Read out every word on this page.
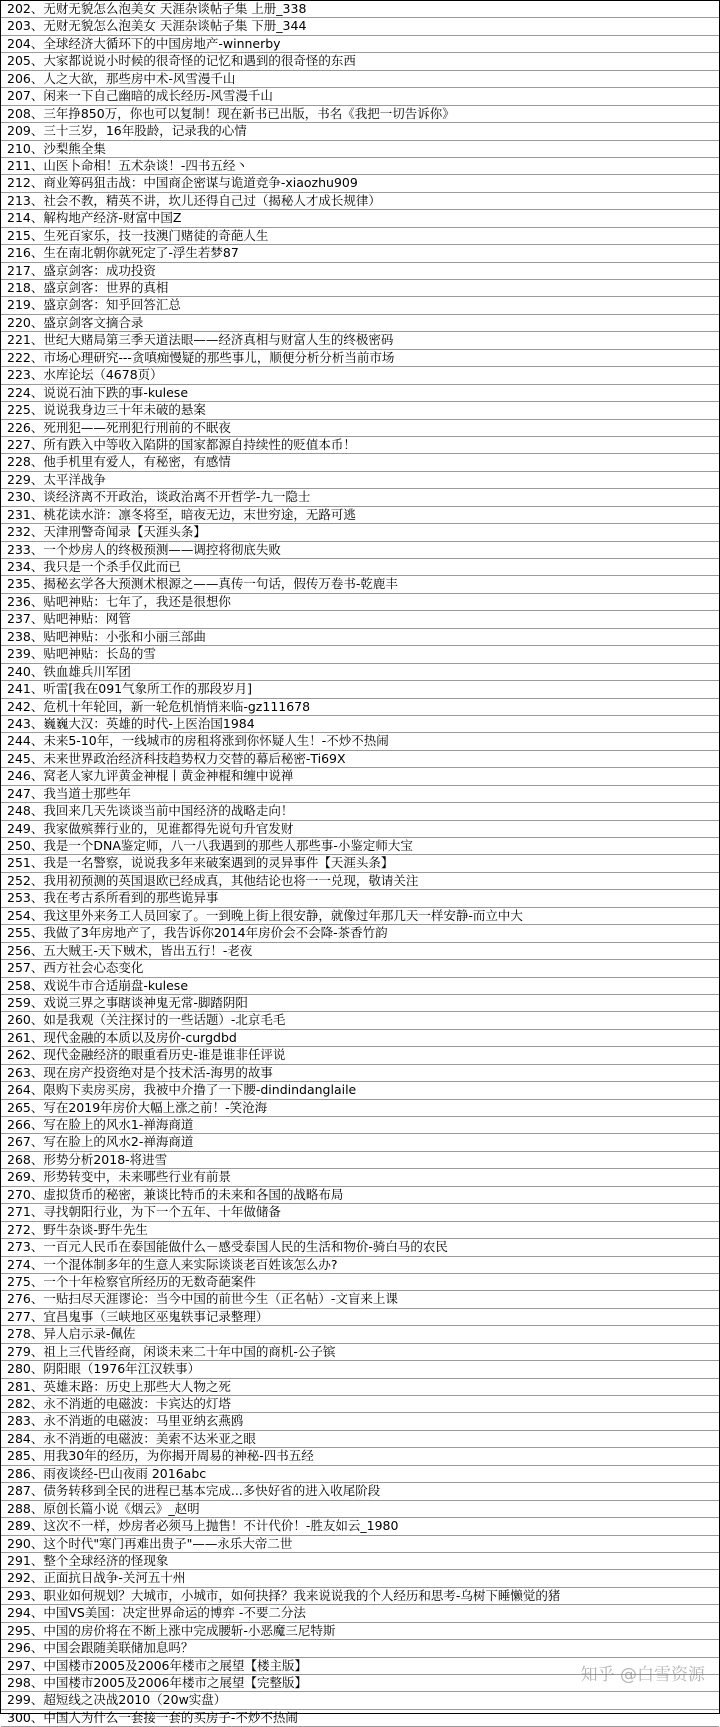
202、无财无貌怎么泡美女 天涯杂谈帖子集 上册_338
203、无财无貌怎么泡美女 天涯杂谈帖子集 下册_344
204、全球经济大循环下的中国房地产-winnerby
205、大家都说说小时候的很奇怪的记忆和遇到的很奇怪的东西
206、人之大欲，那些房中术-风雪漫千山
207、闲来一下自己幽暗的成长经历-风雪漫千山
208、三年挣850万，你也可以复制！现在新书已出版，书名《我把一切告诉你》
209、三十三岁，16年股龄，记录我的心情
210、沙梨熊全集
211、山医卜命相！五术杂谈！-四书五经丶
212、商业筹码狙击战：中国商企密谋与诡道竞争-xiaozhu909
213、社会不教，精英不讲，坎儿还得自己过（揭秘人才成长规律）
214、解构地产经济-财富中国Z
215、生死百家乐，技一技澳门赌徒的奇葩人生
216、生在南北朝你就死定了-浮生若梦87
217、盛京剑客：成功投资
218、盛京剑客：世界的真相
219、盛京剑客：知乎回答汇总
220、盛京剑客文摘合录
221、世纪大赌局第三季天道法眼——经济真相与财富人生的终极密码
222、市场心理研究---贪嗔痴慢疑的那些事儿，顺便分析分析当前市场
223、水库论坛（4678页）
224、说说石油下跌的事-kulese
225、说说我身边三十年未破的悬案
226、死刑犯——死刑犯行刑前的不眠夜
227、所有跌入中等收入陷阱的国家都源自持续性的贬值本币！
228、他手机里有爱人，有秘密，有感情
229、太平洋战争
230、谈经济离不开政治，谈政治离不开哲学-九一隐士
231、桃花读水浒：凛冬将至，暗夜无边，末世穷途，无路可逃
232、天津刑警奇闻录【天涯头条】
233、一个炒房人的终极预测——调控将彻底失败
234、我只是一个杀手仅此而已
235、揭秘玄学各大预测术根源之——真传一句话，假传万卷书-乾鹿丰
236、贴吧神贴：七年了，我还是很想你
237、贴吧神贴：网管
238、贴吧神贴：小张和小丽三部曲
239、贴吧神贴：长岛的雪
240、铁血雄兵川军团
241、听雷[我在091气象所工作的那段岁月]
242、危机十年轮回，新一轮危机悄悄来临-gz111678
243、巍巍大汉：英雄的时代-上医治国1984
244、未来5-10年，一线城市的房租将涨到你怀疑人生！-不炒不热闹
245、未来世界政治经济科技趋势权力交替的幕后秘密-Ti69X
246、窝老人家九评黄金神棍丨黄金神棍和缠中说禅
247、我当道士那些年
248、我回来几天先谈谈当前中国经济的战略走向！
249、我家做殡葬行业的，见谁都得先说句升官发财
250、我是一个DNA鉴定师，八一八我遇到的那些人那些事-小鉴定师大宝
251、我是一名警察，说说我多年来破案遇到的灵异事件【天涯头条】
252、我用初预测的英国退欧已经成真，其他结论也将一一兑现，敬请关注
253、我在考古系所看到的那些诡异事
254、我这里外来务工人员回家了。一到晚上街上很安静，就像过年那几天一样安静-而立中大
255、我做了3年房地产了，我告诉你2014年房价会不会降-茶香竹韵
256、五大贼王-天下贼术，皆出五行！-老夜
257、西方社会心态变化
258、戏说牛市合适崩盘-kulese
259、戏说三界之事瞎谈神鬼无常-脚踏阴阳
260、如是我观（关注探讨的一些话题）-北京毛毛
261、现代金融的本质以及房价-curgdbd
262、现代金融经济的眼重看历史-谁是谁非任评说
263、现在房产投资绝对是个技术活-海男的故事
264、限购下卖房买房，我被中介撸了一下腰-dindindanglaile
265、写在2019年房价大幅上涨之前！-笑沧海
266、写在脸上的风水1-禅海商道
267、写在脸上的风水2-禅海商道
268、形势分析2018-将进雪
269、形势转变中，未来哪些行业有前景
270、虚拟货币的秘密，兼谈比特币的未来和各国的战略布局
271、寻找朝阳行业，为下一个五年、十年做储备
272、野牛杂谈-野牛先生
273、一百元人民币在泰国能做什么－感受泰国人民的生活和物价-骑白马的农民
274、一个混体制多年的生意人来实际谈谈老百姓该怎么办?
275、一个十年检察官所经历的无数奇葩案件
276、一贴扫尽天涯谬论：当今中国的前世今生（正名帖）-文盲来上课
277、宜昌鬼事（三峡地区巫鬼轶事记录整理）
278、异人启示录-佩佐
279、祖上三代皆经商，闲谈未来二十年中国的商机-公子镔
280、阴阳眼（1976年江汉轶事）
281、英雄末路：历史上那些大人物之死
282、永不消逝的电磁波：卡宾达的灯塔
283、永不消逝的电磁波：马里亚纳玄燕鸥
284、永不消逝的电磁波：美索不达米亚之眼
285、用我30年的经历，为你揭开周易的神秘-四书五经
286、雨夜谈经-巴山夜雨 2016abc
287、债务转移到全民的进程已基本完成...多快好省的进入收尾阶段
288、原创长篇小说《烟云》_赵明
289、这次不一样，炒房者必须马上抛售！不计代价！-胜友如云_1980
290、这个时代"寒门再难出贵子"——永乐大帝二世
291、整个全球经济的怪现象
292、正面抗日战争-关河五十州
293、职业如何规划？大城市，小城市，如何抉择？我来说说我的个人经历和思考-乌树下睡懒觉的猪
294、中国VS美国：决定世界命运的博弈 -不要二分法
295、中国的房价将在不断上涨中完成腰斩-小恶魔三尼特斯
296、中国会跟随美联储加息吗？
297、中国楼市2005及2006年楼市之展望【楼主版】
298、中国楼市2005及2006年楼市之展望【完整版】
299、超短线之决战2010（20w实盘）
300、中国人为什么一套接一套的买房子-不炒不热闹
知乎 @白雪资源
